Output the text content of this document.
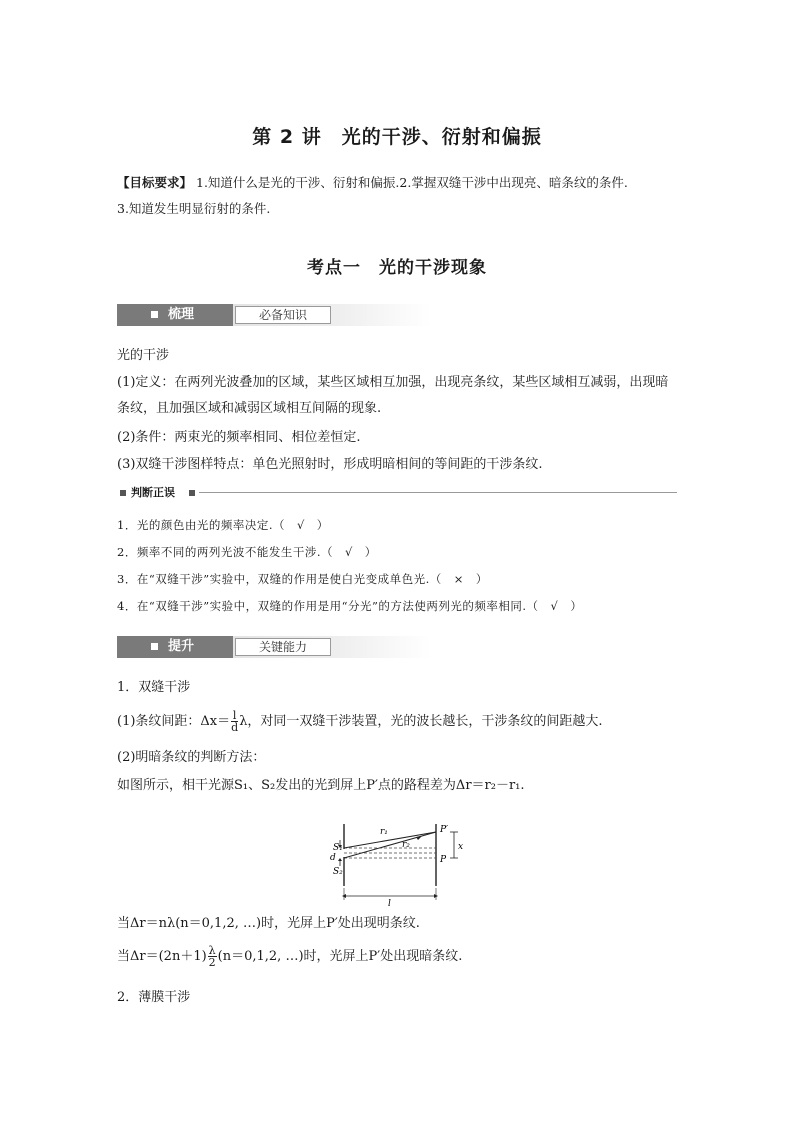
第 2 讲　光的干涉、衍射和偏振
【目标要求】 1.知道什么是光的干涉、衍射和偏振.2.掌握双缝干涉中出现亮、暗条纹的条件.
3.知道发生明显衍射的条件.
考点一　光的干涉现象
梳理	必备知识
光的干涉
(1)定义：在两列光波叠加的区域，某些区域相互加强，出现亮条纹，某些区域相互减弱，出现暗条纹，且加强区域和减弱区域相互间隔的现象.
(2)条件：两束光的频率相同、相位差恒定.
(3)双缝干涉图样特点：单色光照射时，形成明暗相间的等间距的干涉条纹.
判断正误
1．光的颜色由光的频率决定.（　√　）
2．频率不同的两列光波不能发生干涉.（　√　）
3．在“双缝干涉”实验中，双缝的作用是使白光变成单色光.（　×　）
4．在“双缝干涉”实验中，双缝的作用是用“分光”的方法使两列光的频率相同.（　√　）
提升	关键能力
1．双缝干涉
(1)条纹间距：$\Delta x= \frac{l}{d}$ λ，对同一双缝干涉装置，光的波长越长，干涉条纹的间距越大.
(2)明暗条纹的判断方法：
如图所示，相干光源S₁、S₂发出的光到屏上P′点的路程差为Δr＝r₂－r₁.
S₁
d
S₂
r₁
r₂
P′
P
x
l
当Δr＝nλ(n＝0,1,2, …)时，光屏上P′处出现明条纹.
当$\Delta r=(2n+1) \frac{\lambda}{2} (n=0,1,2$, …)时，光屏上P′处出现暗条纹.
2．薄膜干涉
